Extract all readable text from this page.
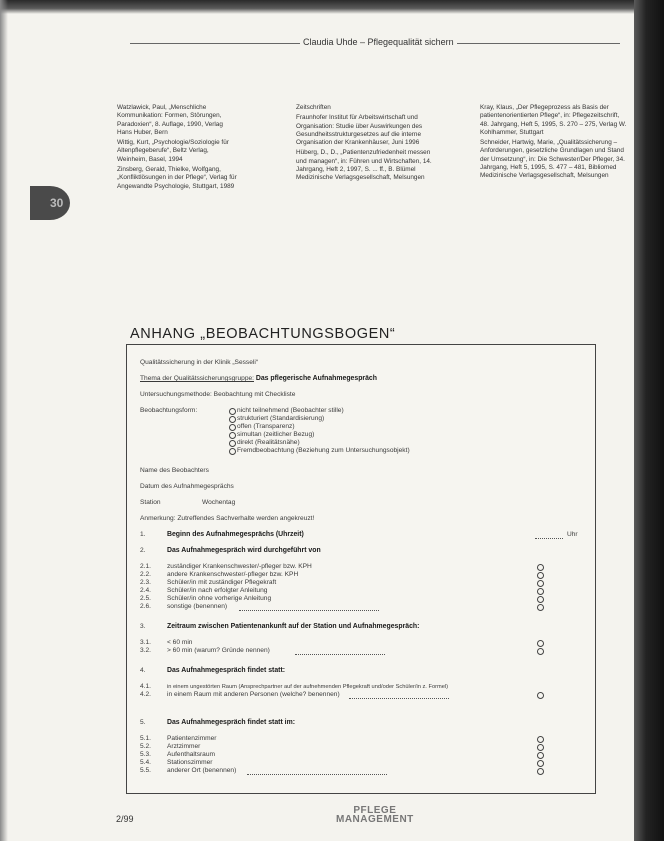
Claudia Uhde – Pflegequalität sichern

Watzlawick, Paul, „Menschliche Kommunikation: Formen, Störungen, Paradoxien“, 8. Auflage, 1990, Verlag Hans Huber, Bern

Wittig, Kurt, „Psychologie/Soziologie für Altenpflegeberufe“, Beltz Verlag, Weinheim, Basel, 1994

Zinsberg, Gerald, Thielke, Wolfgang, „Konfliktlösungen in der Pflege“, Verlag für Angewandte Psychologie, Stuttgart, 1989

Zeitschriften

Fraunhofer Institut für Arbeitswirtschaft und Organisation: Studie über Auswirkungen des Gesundheitsstrukturgesetzes auf die interne Organisation der Krankenhäuser, Juni 1996

Hüberg, D., D., „Patientenzufriedenheit messen und managen“, in: Führen und Wirtschaften, 14. Jahrgang, Heft 2, 1997, S. ... ff., B. Blümel Medizinische Verlagsgesellschaft, Melsungen

Kray, Klaus, „Der Pflegeprozess als Basis der patientenorientierten Pflege“, in: Pflegezeitschrift, 48. Jahrgang, Heft 5, 1995, S. 270 – 275, Verlag W. Kohlhammer, Stuttgart

Schneider, Hartwig, Marie, „Qualitätssicherung – Anforderungen, gesetzliche Grundlagen und Stand der Umsetzung“, in: Die Schwester/Der Pfleger, 34. Jahrgang, Heft 5, 1995, S. 477 – 481, Bibliomed Medizinische Verlagsgesellschaft, Melsungen

30
ANHANG „BEOBACHTUNGSBOGEN“
Qualitätssicherung in der Klinik „Sesseli“
Thema der Qualitätssicherungsgruppe: Das pflegerische Aufnahmegespräch
Untersuchungsmethode: Beobachtung mit Checkliste
Beobachtungsform:	nicht teilnehmend (Beobachter stille)
strukturiert (Standardisierung)
offen (Transparenz)
simultan (zeitlicher Bezug)
direkt (Realitätsnähe)
Fremdbeobachtung (Beziehung zum Untersuchungsobjekt)
Name des Beobachters
Datum des Aufnahmegesprächs
Station	Wochentag
Anmerkung: Zutreffendes Sachverhalte werden angekreuzt!
1.	Beginn des Aufnahmegesprächs (Uhrzeit)	Uhr
2.	Das Aufnahmegespräch wird durchgeführt von
2.1. zuständiger Krankenschwester/-pfleger bzw. KPH
2.2. andere Krankenschwester/-pfleger bzw. KPH
2.3. Schüler/in mit zuständiger Pflegekraft
2.4. Schüler/in nach erfolgter Anleitung
2.5. Schüler/in ohne vorherige Anleitung
2.6. sonstige (benennen)
3.	Zeitraum zwischen Patientenankunft auf der Station und Aufnahmegespräch:
3.1. < 60 min
3.2. > 60 min (warum? Gründe nennen)
4.	Das Aufnahmegespräch findet statt:
4.1.	in einem ungestörten Raum (Ansprechpartner auf der aufnehmenden Pflegekraft und/oder Schüler/in z. Formel)
4.2. in einem Raum mit anderen Personen (welche? benennen)
5.	Das Aufnahmegespräch findet statt im:
5.1. Patientenzimmer
5.2. Arztzimmer
5.3. Aufenthaltsraum
5.4. Stationszimmer
5.5. anderer Ort (benennen)
2/99
PFLEGE
MANAGEMENT
